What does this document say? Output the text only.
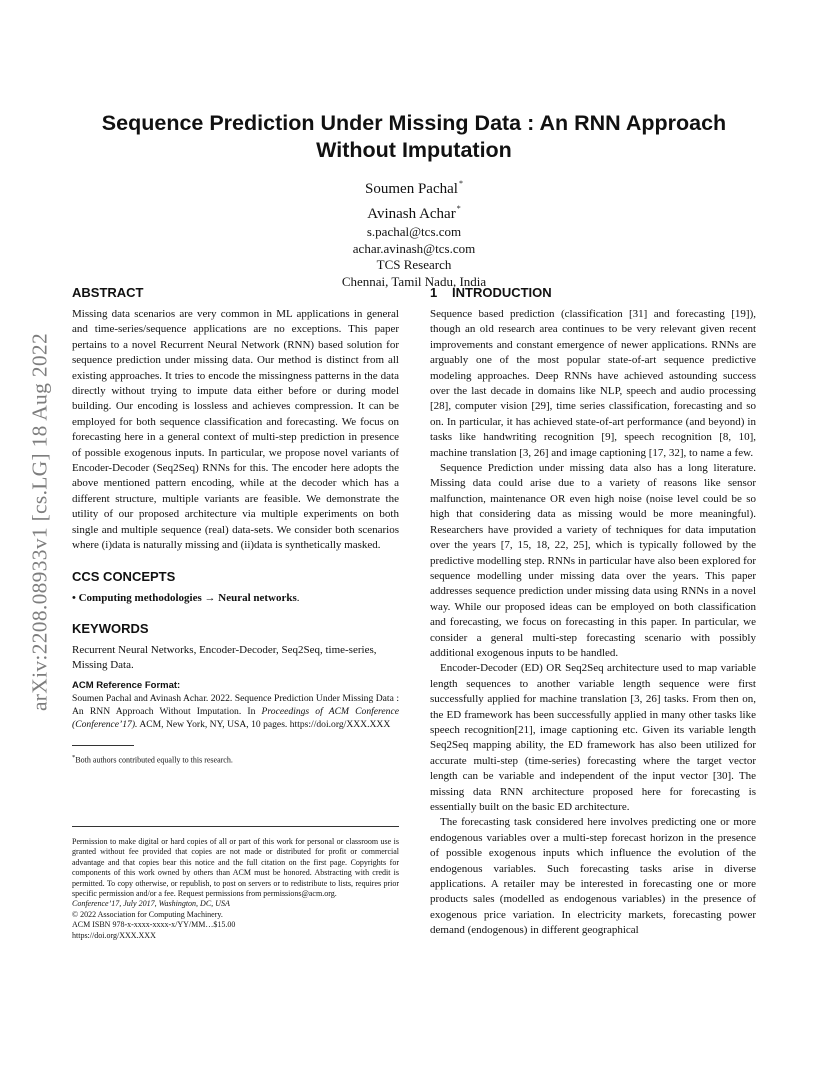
arXiv:2208.08933v1 [cs.LG] 18 Aug 2022
Sequence Prediction Under Missing Data : An RNN Approach
Without Imputation
Soumen Pachal*
Avinash Achar*
s.pachal@tcs.com
achar.avinash@tcs.com
TCS Research
Chennai, Tamil Nadu, India
ABSTRACT

Missing data scenarios are very common in ML applications in general and time-series/sequence applications are no exceptions. This paper pertains to a novel Recurrent Neural Network (RNN) based solution for sequence prediction under missing data. Our method is distinct from all existing approaches. It tries to encode the missingness patterns in the data directly without trying to impute data either before or during model building. Our encoding is lossless and achieves compression. It can be employed for both sequence classification and forecasting. We focus on forecasting here in a general context of multi-step prediction in presence of possible exogenous inputs. In particular, we propose novel variants of Encoder-Decoder (Seq2Seq) RNNs for this. The encoder here adopts the above mentioned pattern encoding, while at the decoder which has a different structure, multiple variants are feasible. We demonstrate the utility of our proposed architecture via multiple experiments on both single and multiple sequence (real) data-sets. We consider both scenarios where (i)data is naturally missing and (ii)data is synthetically masked.

CCS CONCEPTS
• Computing methodologies → Neural networks.
KEYWORDS

Recurrent Neural Networks, Encoder-Decoder, Seq2Seq, time-series, Missing Data.

ACM Reference Format:
Soumen Pachal and Avinash Achar. 2022. Sequence Prediction Under Missing Data : An RNN Approach Without Imputation. In Proceedings of ACM Conference (Conference’17). ACM, New York, NY, USA, 10 pages. https://doi.org/XXX.XXX
*Both authors contributed equally to this research.
Permission to make digital or hard copies of all or part of this work for personal or classroom use is granted without fee provided that copies are not made or distributed for profit or commercial advantage and that copies bear this notice and the full citation on the first page. Copyrights for components of this work owned by others than ACM must be honored. Abstracting with credit is permitted. To copy otherwise, or republish, to post on servers or to redistribute to lists, requires prior specific permission and/or a fee. Request permissions from permissions@acm.org.
Conference’17, July 2017, Washington, DC, USA
© 2022 Association for Computing Machinery.
ACM ISBN 978-x-xxxx-xxxx-x/YY/MM…$15.00
https://doi.org/XXX.XXX
1 INTRODUCTION

Sequence based prediction (classification [31] and forecasting [19]), though an old research area continues to be very relevant given recent improvements and constant emergence of newer applications. RNNs are arguably one of the most popular state-of-art sequence predictive modeling approaches. Deep RNNs have achieved astounding success over the last decade in domains like NLP, speech and audio processing [28], computer vision [29], time series classification, forecasting and so on. In particular, it has achieved state-of-art performance (and beyond) in tasks like handwriting recognition [9], speech recognition [8, 10], machine translation [3, 26] and image captioning [17, 32], to name a few.

Sequence Prediction under missing data also has a long literature. Missing data could arise due to a variety of reasons like sensor malfunction, maintenance OR even high noise (noise level could be so high that considering data as missing would be more meaningful). Researchers have provided a variety of techniques for data imputation over the years [7, 15, 18, 22, 25], which is typically followed by the predictive modelling step. RNNs in particular have also been explored for sequence modelling under missing data over the years. This paper addresses sequence prediction under missing data using RNNs in a novel way. While our proposed ideas can be employed on both classification and forecasting, we focus on forecasting in this paper. In particular, we consider a general multi-step forecasting scenario with possibly additional exogenous inputs to be handled.

Encoder-Decoder (ED) OR Seq2Seq architecture used to map variable length sequences to another variable length sequence were first successfully applied for machine translation [3, 26] tasks. From then on, the ED framework has been successfully applied in many other tasks like speech recognition[21], image captioning etc. Given its variable length Seq2Seq mapping ability, the ED framework has also been utilized for accurate multi-step (time-series) forecasting where the target vector length can be variable and independent of the input vector [30]. The missing data RNN architecture proposed here for forecasting is essentially built on the basic ED architecture.

The forecasting task considered here involves predicting one or more endogenous variables over a multi-step forecast horizon in the presence of possible exogenous inputs which influence the evolution of the endogenous variables. Such forecasting tasks arise in diverse applications. A retailer may be interested in forecasting one or more products sales (modelled as endogenous variables) in the presence of exogenous price variation. In electricity markets, forecasting power demand (endogenous) in different geographical
